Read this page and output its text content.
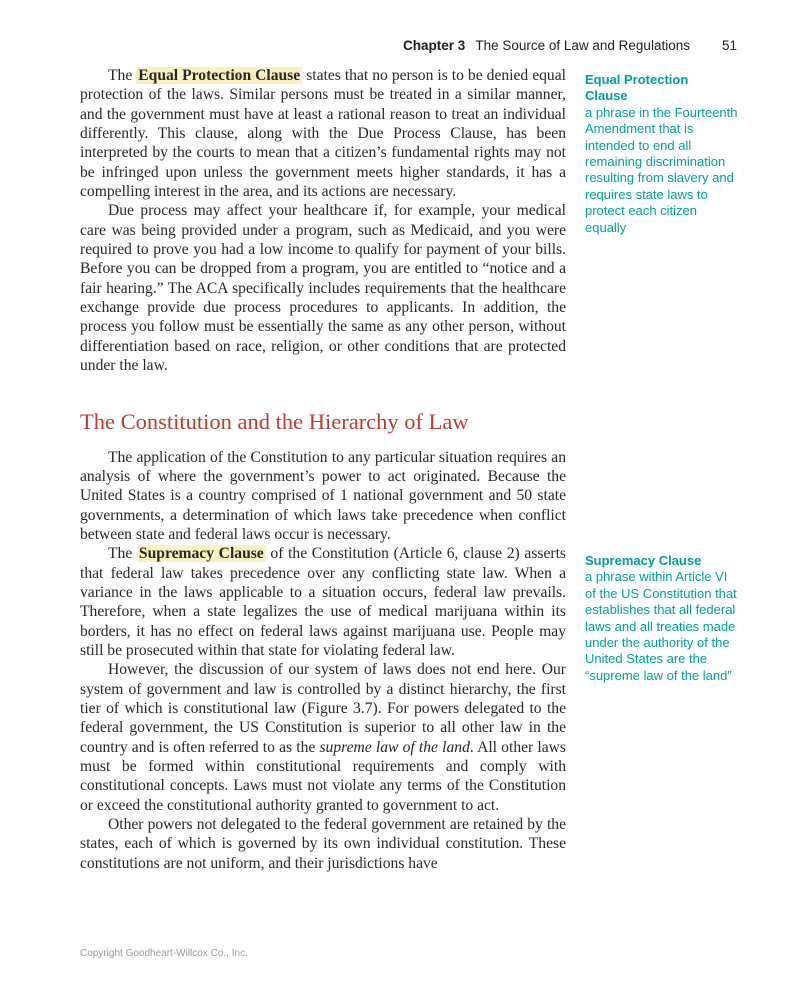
Chapter 3 The Source of Law and Regulations 51

The Equal Protection Clause states that no person is to be denied equal protection of the laws. Similar persons must be treated in a similar manner, and the government must have at least a rational reason to treat an individual differently. This clause, along with the Due Process Clause, has been interpreted by the courts to mean that a citizen’s fundamental rights may not be infringed upon unless the government meets higher standards, it has a compelling interest in the area, and its actions are necessary.

Due process may affect your healthcare if, for example, your medical care was being provided under a program, such as Medicaid, and you were required to prove you had a low income to qualify for payment of your bills. Before you can be dropped from a program, you are entitled to “notice and a fair hearing.” The ACA specifically includes requirements that the healthcare exchange provide due process procedures to applicants. In addition, the process you follow must be essentially the same as any other person, without differentiation based on race, religion, or other conditions that are protected under the law.

The Constitution and the Hierarchy of Law

The application of the Constitution to any particular situation requires an analysis of where the government’s power to act originated. Because the United States is a country comprised of 1 national government and 50 state governments, a determination of which laws take precedence when conflict between state and federal laws occur is necessary.

The Supremacy Clause of the Constitution (Article 6, clause 2) asserts that federal law takes precedence over any conflicting state law. When a variance in the laws applicable to a situation occurs, federal law prevails. Therefore, when a state legalizes the use of medical marijuana within its borders, it has no effect on federal laws against marijuana use. People may still be prosecuted within that state for violating federal law.

However, the discussion of our system of laws does not end here. Our system of government and law is controlled by a distinct hierarchy, the first tier of which is constitutional law (Figure 3.7). For powers delegated to the federal government, the US Constitution is superior to all other law in the country and is often referred to as the supreme law of the land. All other laws must be formed within constitutional requirements and comply with constitutional concepts. Laws must not violate any terms of the Constitution or exceed the constitutional authority granted to government to act.

Other powers not delegated to the federal government are retained by the states, each of which is governed by its own individual constitution. These constitutions are not uniform, and their jurisdictions have

Equal Protection Clause
a phrase in the Fourteenth Amendment that is intended to end all remaining discrimination resulting from slavery and requires state laws to protect each citizen equally
Supremacy Clause
a phrase within Article VI of the US Constitution that establishes that all federal laws and all treaties made under the authority of the United States are the “supreme law of the land”
Copyright Goodheart-Willcox Co., Inc.
